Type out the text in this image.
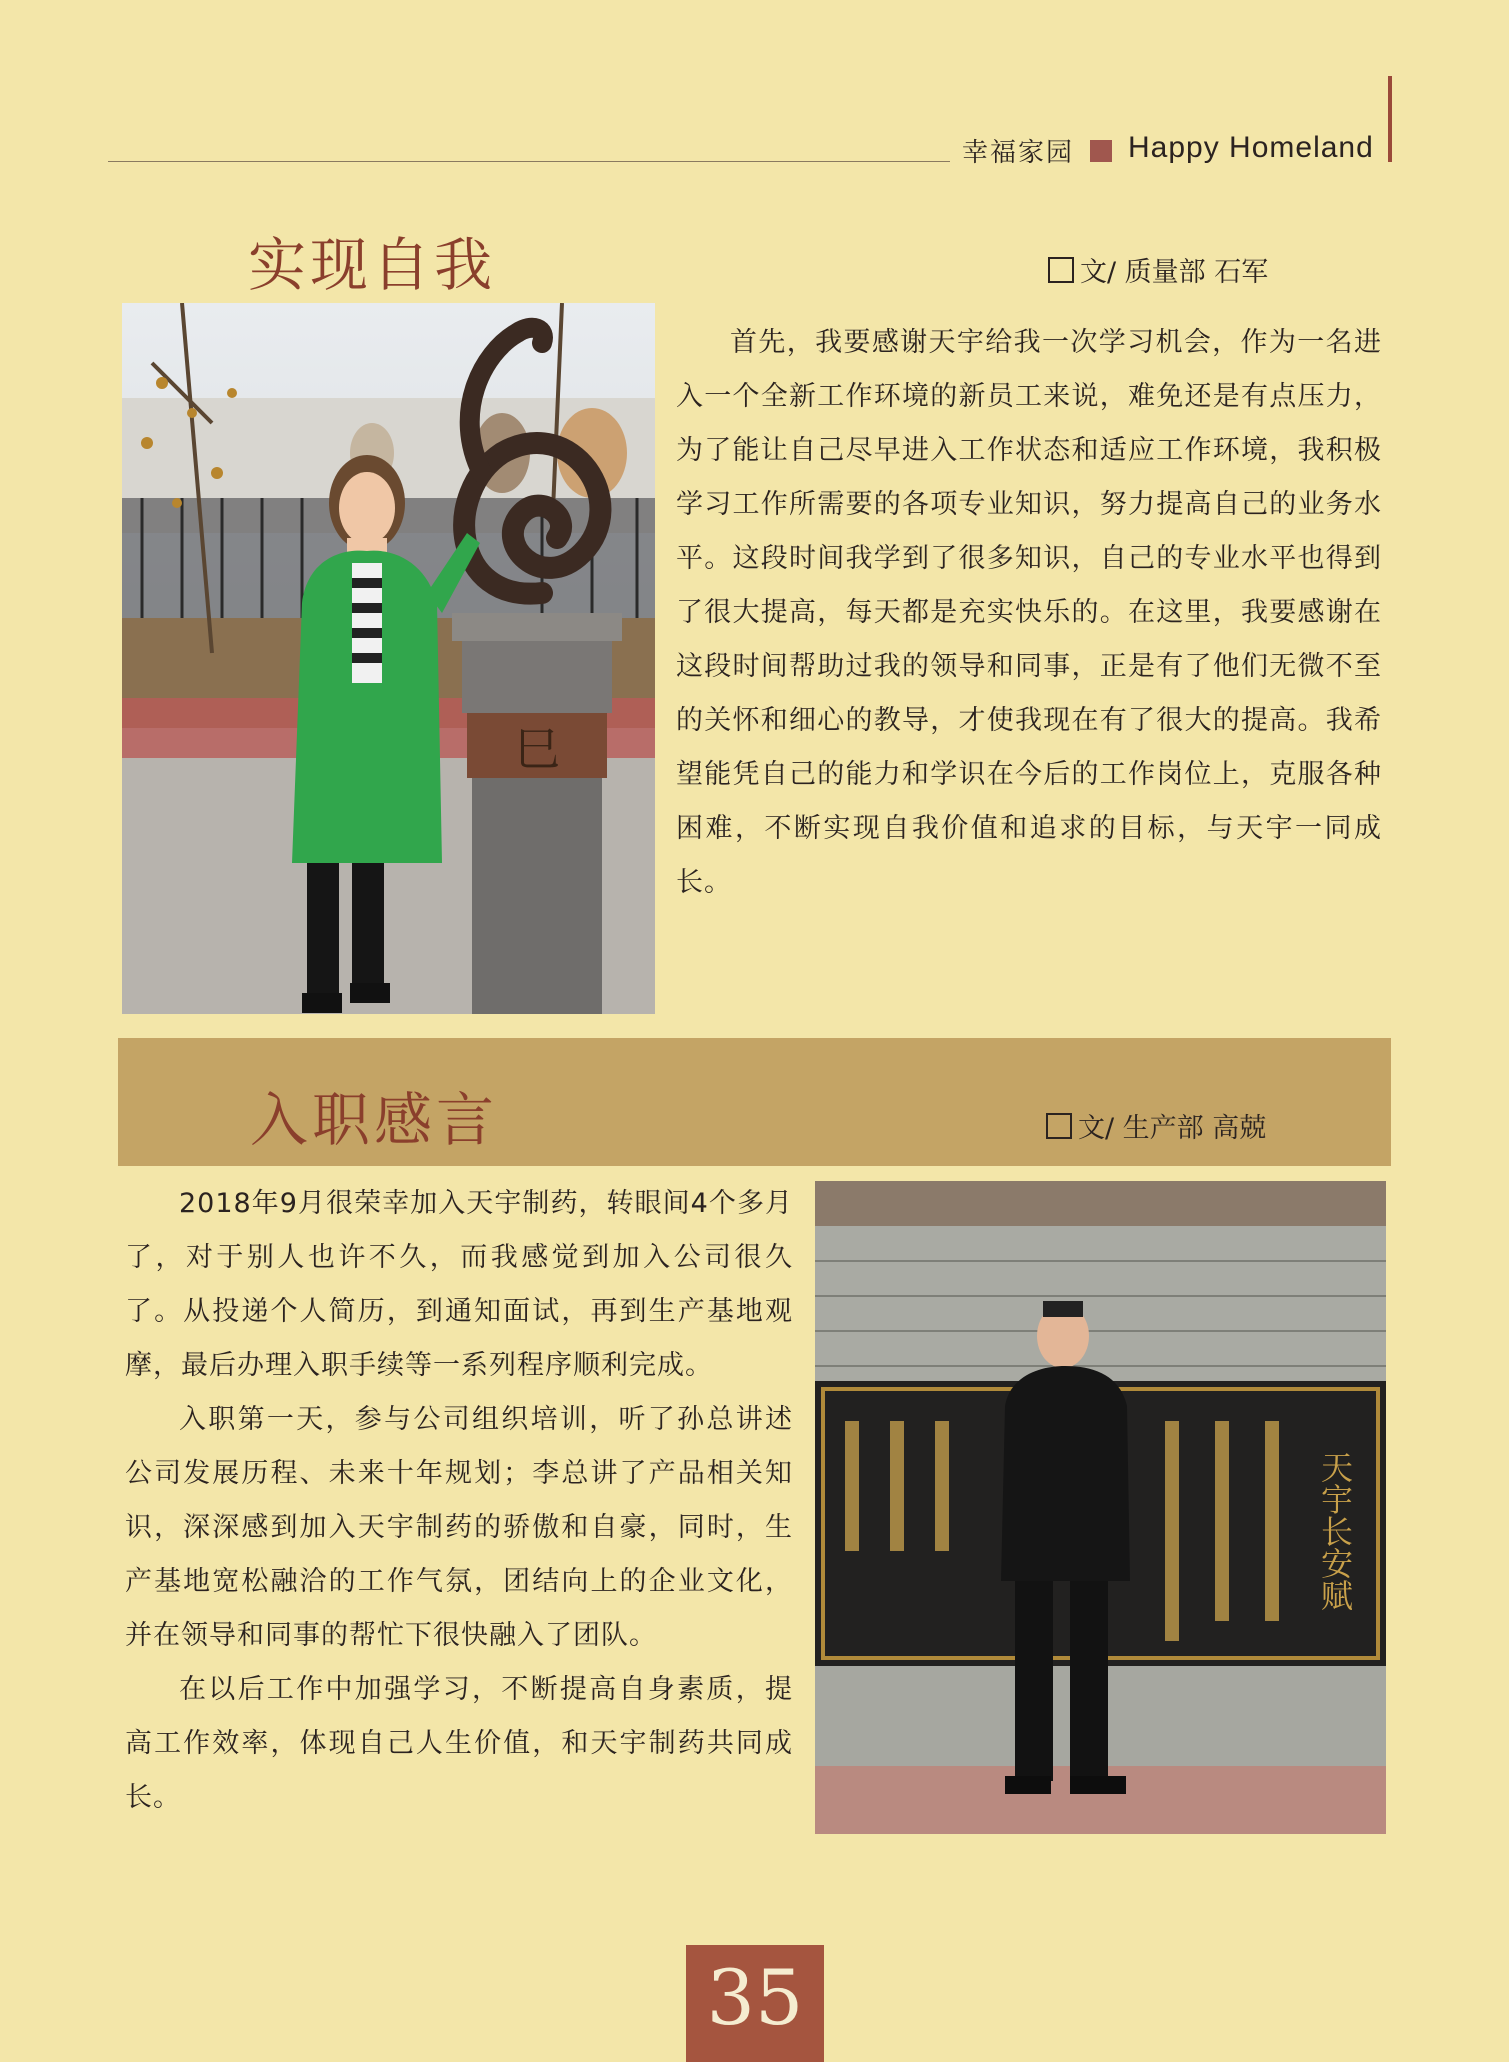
幸福家园 Happy Homeland
实现自我	文/ 质量部 石军
巳

首先，我要感谢天宇给我一次学习机会，作为一名进入一个全新工作环境的新员工来说，难免还是有点压力，为了能让自己尽早进入工作状态和适应工作环境，我积极学习工作所需要的各项专业知识，努力提高自己的业务水平。这段时间我学到了很多知识，自己的专业水平也得到了很大提高，每天都是充实快乐的。在这里，我要感谢在这段时间帮助过我的领导和同事，正是有了他们无微不至的关怀和细心的教导，才使我现在有了很大的提高。我希望能凭自己的能力和学识在今后的工作岗位上，克服各种困难，不断实现自我价值和追求的目标，与天宇一同成长。

入职感言	文/ 生产部 高兢

2018年9月很荣幸加入天宇制药，转眼间4个多月了，对于别人也许不久，而我感觉到加入公司很久了。从投递个人简历，到通知面试，再到生产基地观摩，最后办理入职手续等一系列程序顺利完成。

入职第一天，参与公司组织培训，听了孙总讲述公司发展历程、未来十年规划；李总讲了产品相关知识，深深感到加入天宇制药的骄傲和自豪，同时，生产基地宽松融洽的工作气氛，团结向上的企业文化，并在领导和同事的帮忙下很快融入了团队。

在以后工作中加强学习，不断提高自身素质，提高工作效率，体现自己人生价值，和天宇制药共同成长。

天宇长安赋
35
